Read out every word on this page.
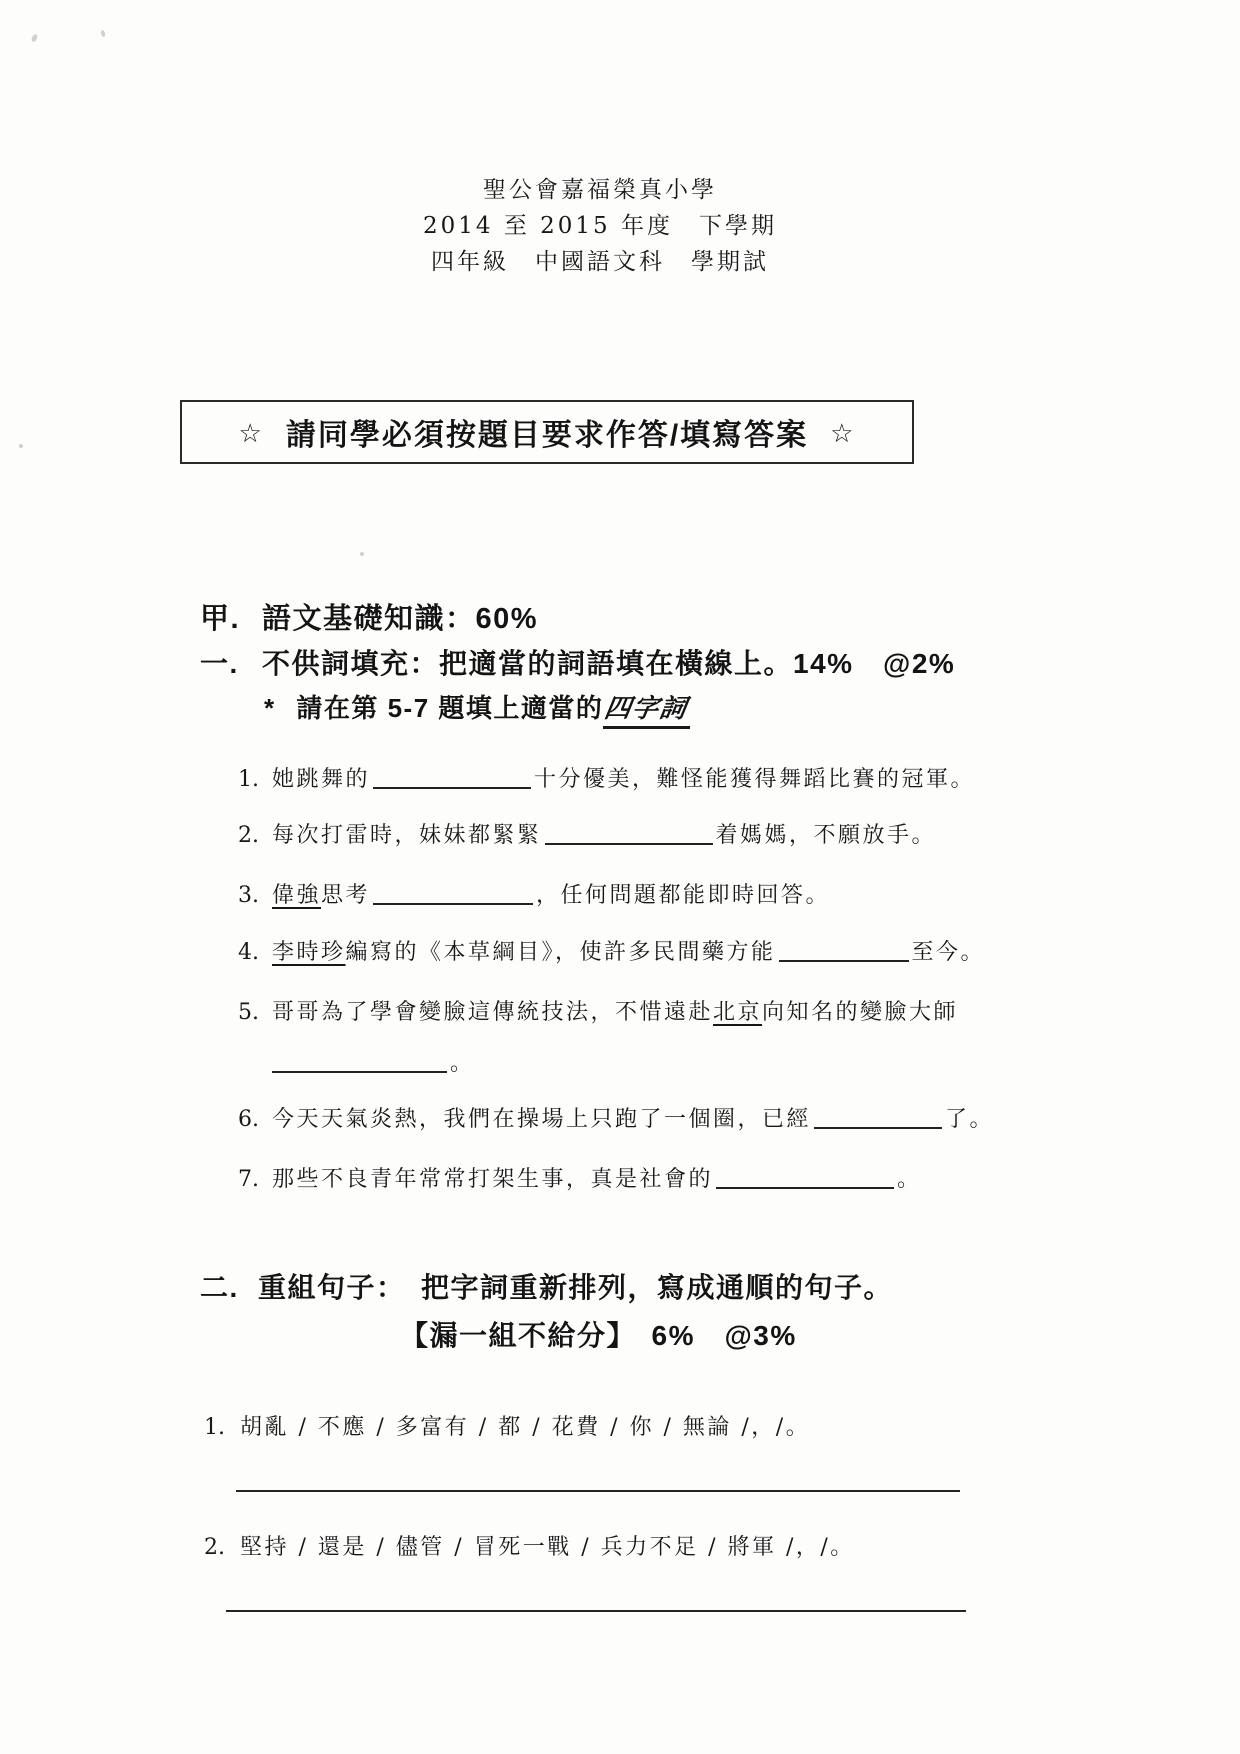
聖公會嘉福榮真小學
2014 至 2015 年度　下學期
四年級　中國語文科　學期試
☆ 請同學必須按題目要求作答/填寫答案 ☆
甲. 語文基礎知識：60%
一. 不供詞填充：把適當的詞語填在橫線上。14%　@2%
* 請在第 5-7 題填上適當的四字詞
1. 她跳舞的	十分優美，難怪能獲得舞蹈比賽的冠軍。
2. 每次打雷時，妹妹都緊緊	着媽媽，不願放手。
3. 偉強思考	，任何問題都能即時回答。
4. 李時珍編寫的《本草綱目》，使許多民間藥方能	至今。
5. 哥哥為了學會變臉這傳統技法，不惜遠赴北京向知名的變臉大師
。
6. 今天天氣炎熱，我們在操場上只跑了一個圈，已經	了。
7. 那些不良青年常常打架生事，真是社會的	。
二. 重組句子：　把字詞重新排列，寫成通順的句子。
【漏一組不給分】　6%　@3%
1. 胡亂 / 不應 / 多富有 / 都 / 花費 / 你 / 無論 /，/。
2. 堅持 / 還是 / 儘管 / 冒死一戰 / 兵力不足 / 將軍 /，/。
